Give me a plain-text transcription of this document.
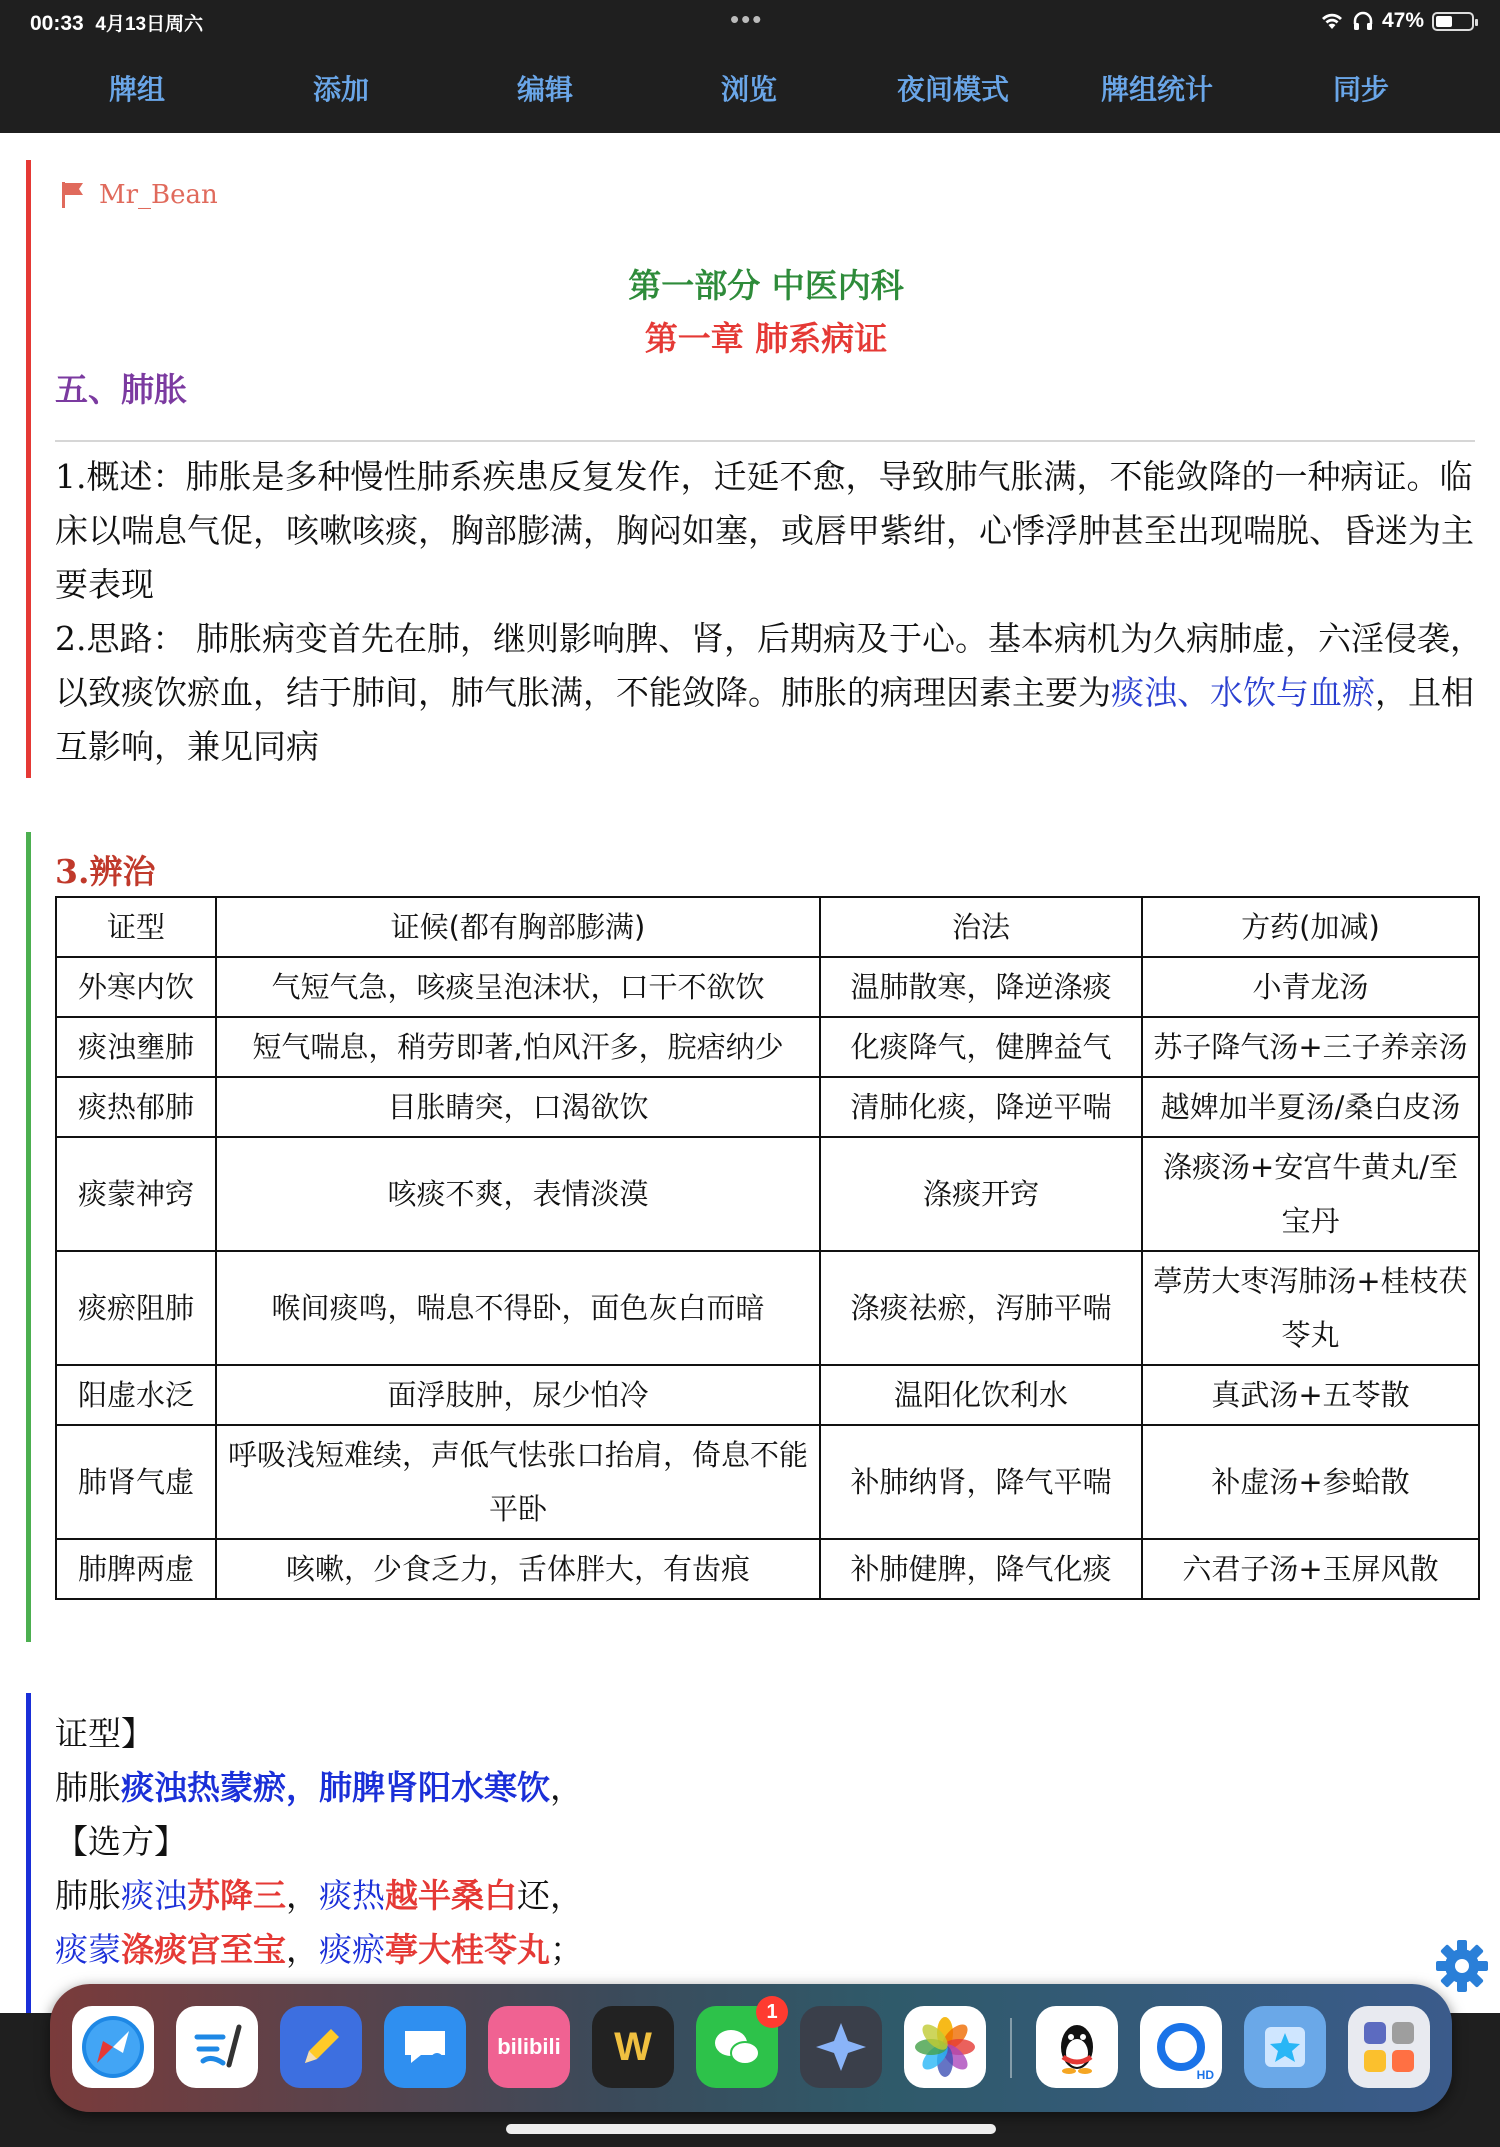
00:33 4月13日周六	•••	47%
牌组	添加	编辑	浏览	夜间模式	牌组统计	同步
Mr_Bean
第一部分 中医内科
第一章 肺系病证
五、肺胀
1.概述：肺胀是多种慢性肺系疾患反复发作，迁延不愈，导致肺气胀满，不能敛降的一种病证。临床以喘息气促，咳嗽咳痰，胸部膨满，胸闷如塞，或唇甲紫绀，心悸浮肿甚至出现喘脱、昏迷为主要表现
2.思路： 肺胀病变首先在肺，继则影响脾、肾，后期病及于心。基本病机为久病肺虚，六淫侵袭，以致痰饮瘀血，结于肺间，肺气胀满，不能敛降。肺胀的病理因素主要为痰浊、水饮与血瘀，且相互影响，兼见同病
3.辨治
证型	证候(都有胸部膨满)	治法	方药(加减)
外寒内饮	气短气急，咳痰呈泡沫状，口干不欲饮	温肺散寒，降逆涤痰	小青龙汤
痰浊壅肺	短气喘息，稍劳即著,怕风汗多，脘痞纳少	化痰降气，健脾益气	苏子降气汤+三子养亲汤
痰热郁肺	目胀睛突，口渴欲饮	清肺化痰，降逆平喘	越婢加半夏汤/桑白皮汤
痰蒙神窍	咳痰不爽，表情淡漠	涤痰开窍	涤痰汤+安宫牛黄丸/至宝丹
痰瘀阻肺	喉间痰鸣，喘息不得卧，面色灰白而暗	涤痰祛瘀，泻肺平喘	葶苈大枣泻肺汤+桂枝茯苓丸
阳虚水泛	面浮肢肿，尿少怕冷	温阳化饮利水	真武汤+五苓散
肺肾气虚	呼吸浅短难续，声低气怯张口抬肩，倚息不能平卧	补肺纳肾，降气平喘	补虚汤+参蛤散
肺脾两虚	咳嗽，少食乏力，舌体胖大，有齿痕	补肺健脾，降气化痰	六君子汤+玉屏风散
证型】
肺胀痰浊热蒙瘀，肺脾肾阳水寒饮，
【选方】
肺胀痰浊苏降三，痰热越半桑白还，
痰蒙涤痰宫至宝，痰瘀葶大桂苓丸；
bilibili	W
1
HD
